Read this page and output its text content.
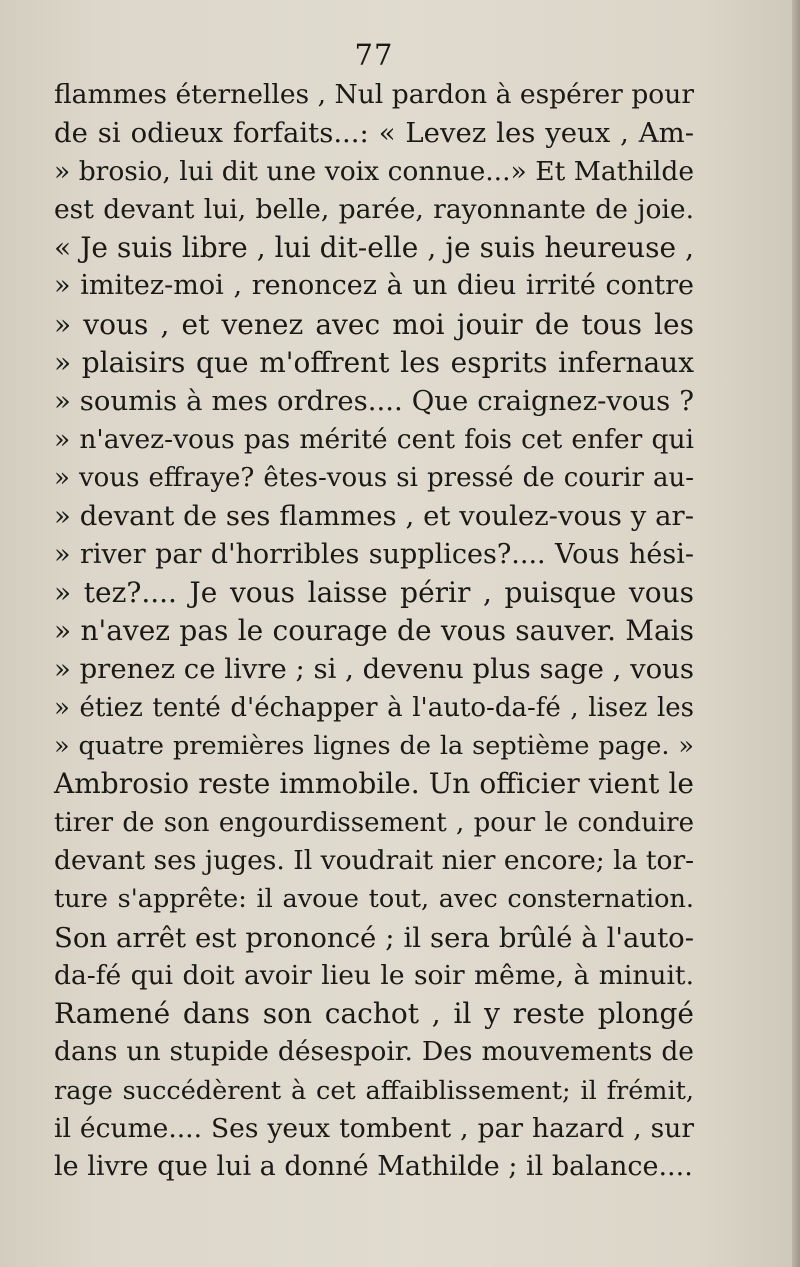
77
flammes éternelles , Nul pardon à espérer pour
de si odieux forfaits...: « Levez les yeux , Am-
» brosio, lui dit une voix connue...» Et Mathilde
est devant lui, belle, parée, rayonnante de joie.
« Je suis libre , lui dit-elle , je suis heureuse ,
» imitez-moi , renoncez à un dieu irrité contre
» vous , et venez avec moi jouir de tous les
» plaisirs que m'offrent les esprits infernaux
» soumis à mes ordres.... Que craignez-vous ?
» n'avez-vous pas mérité cent fois cet enfer qui
» vous effraye? êtes-vous si pressé de courir au-
» devant de ses flammes , et voulez-vous y ar-
» river par d'horribles supplices?.... Vous hési-
» tez?.... Je vous laisse périr , puisque vous
» n'avez pas le courage de vous sauver. Mais
» prenez ce livre ; si , devenu plus sage , vous
» étiez tenté d'échapper à l'auto-da-fé , lisez les
» quatre premières lignes de la septième page. »
Ambrosio reste immobile. Un officier vient le
tirer de son engourdissement , pour le conduire
devant ses juges. Il voudrait nier encore; la tor-
ture s'apprête: il avoue tout, avec consternation.
Son arrêt est prononcé ; il sera brûlé à l'auto-
da-fé qui doit avoir lieu le soir même, à minuit.
Ramené dans son cachot , il y reste plongé
dans un stupide désespoir. Des mouvements de
rage succédèrent à cet affaiblissement; il frémit,
il écume.... Ses yeux tombent , par hazard , sur
le livre que lui a donné Mathilde ; il balance....
